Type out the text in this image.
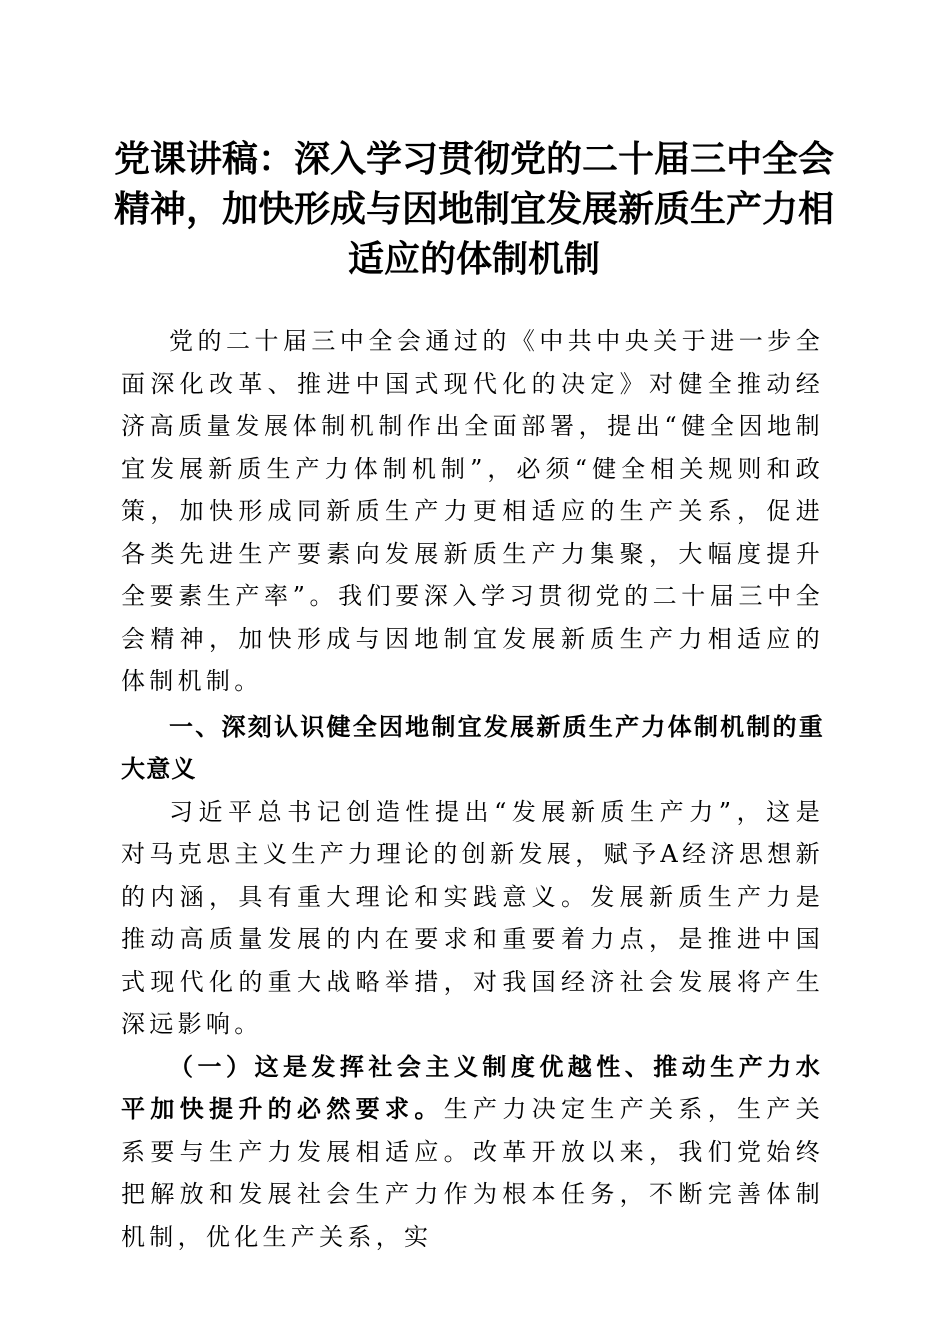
党课讲稿：深入学习贯彻党的二十届三中全会精神，加快形成与因地制宜发展新质生产力相适应的体制机制

党的二十届三中全会通过的《中共中央关于进一步全面深化改革、推进中国式现代化的决定》对健全推动经济高质量发展体制机制作出全面部署，提出“健全因地制宜发展新质生产力体制机制”，必须“健全相关规则和政策，加快形成同新质生产力更相适应的生产关系，促进各类先进生产要素向发展新质生产力集聚，大幅度提升全要素生产率”。我们要深入学习贯彻党的二十届三中全会精神，加快形成与因地制宜发展新质生产力相适应的体制机制。

一、深刻认识健全因地制宜发展新质生产力体制机制的重大意义

习近平总书记创造性提出“发展新质生产力”，这是对马克思主义生产力理论的创新发展，赋予A经济思想新的内涵，具有重大理论和实践意义。发展新质生产力是推动高质量发展的内在要求和重要着力点，是推进中国式现代化的重大战略举措，对我国经济社会发展将产生深远影响。

（一）这是发挥社会主义制度优越性、推动生产力水平加快提升的必然要求。生产力决定生产关系，生产关系要与生产力发展相适应。改革开放以来，我们党始终把解放和发展社会生产力作为根本任务，不断完善体制机制，优化生产关系，实
